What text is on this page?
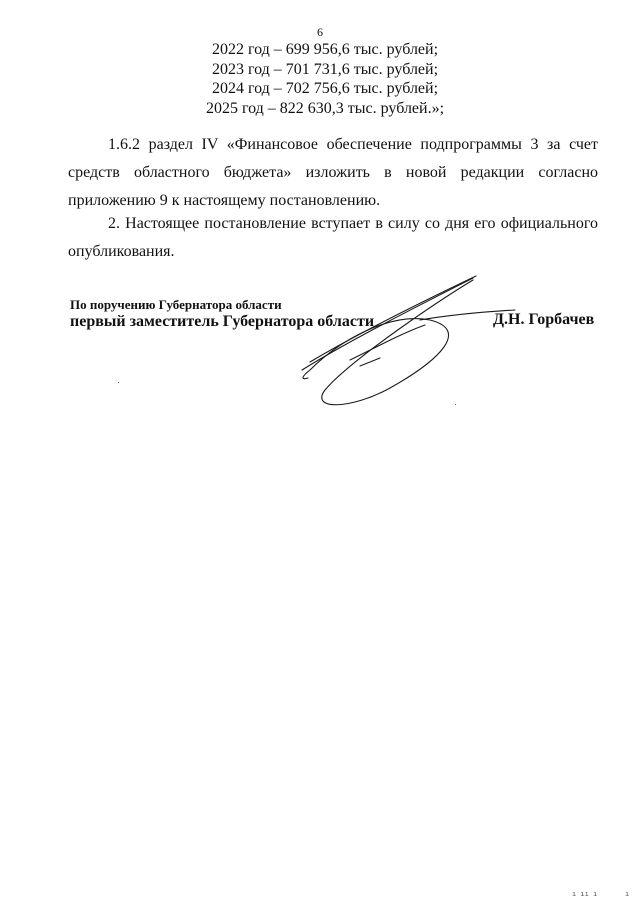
6
2022 год – 699 956,6 тыс. рублей;
2023 год – 701 731,6 тыс. рублей;
2024 год – 702 756,6 тыс. рублей;
2025 год – 822 630,3 тыс. рублей.»;

1.6.2 раздел IV «Финансовое обеспечение подпрограммы 3 за счет средств областного бюджета» изложить в новой редакции согласно приложению 9 к настоящему постановлению.

2. Настоящее постановление вступает в силу со дня его официального опубликования.

По поручению Губернатора области
первый заместитель Губернатора области	Д.Н. Горбачев
ı ıı ı	ı
